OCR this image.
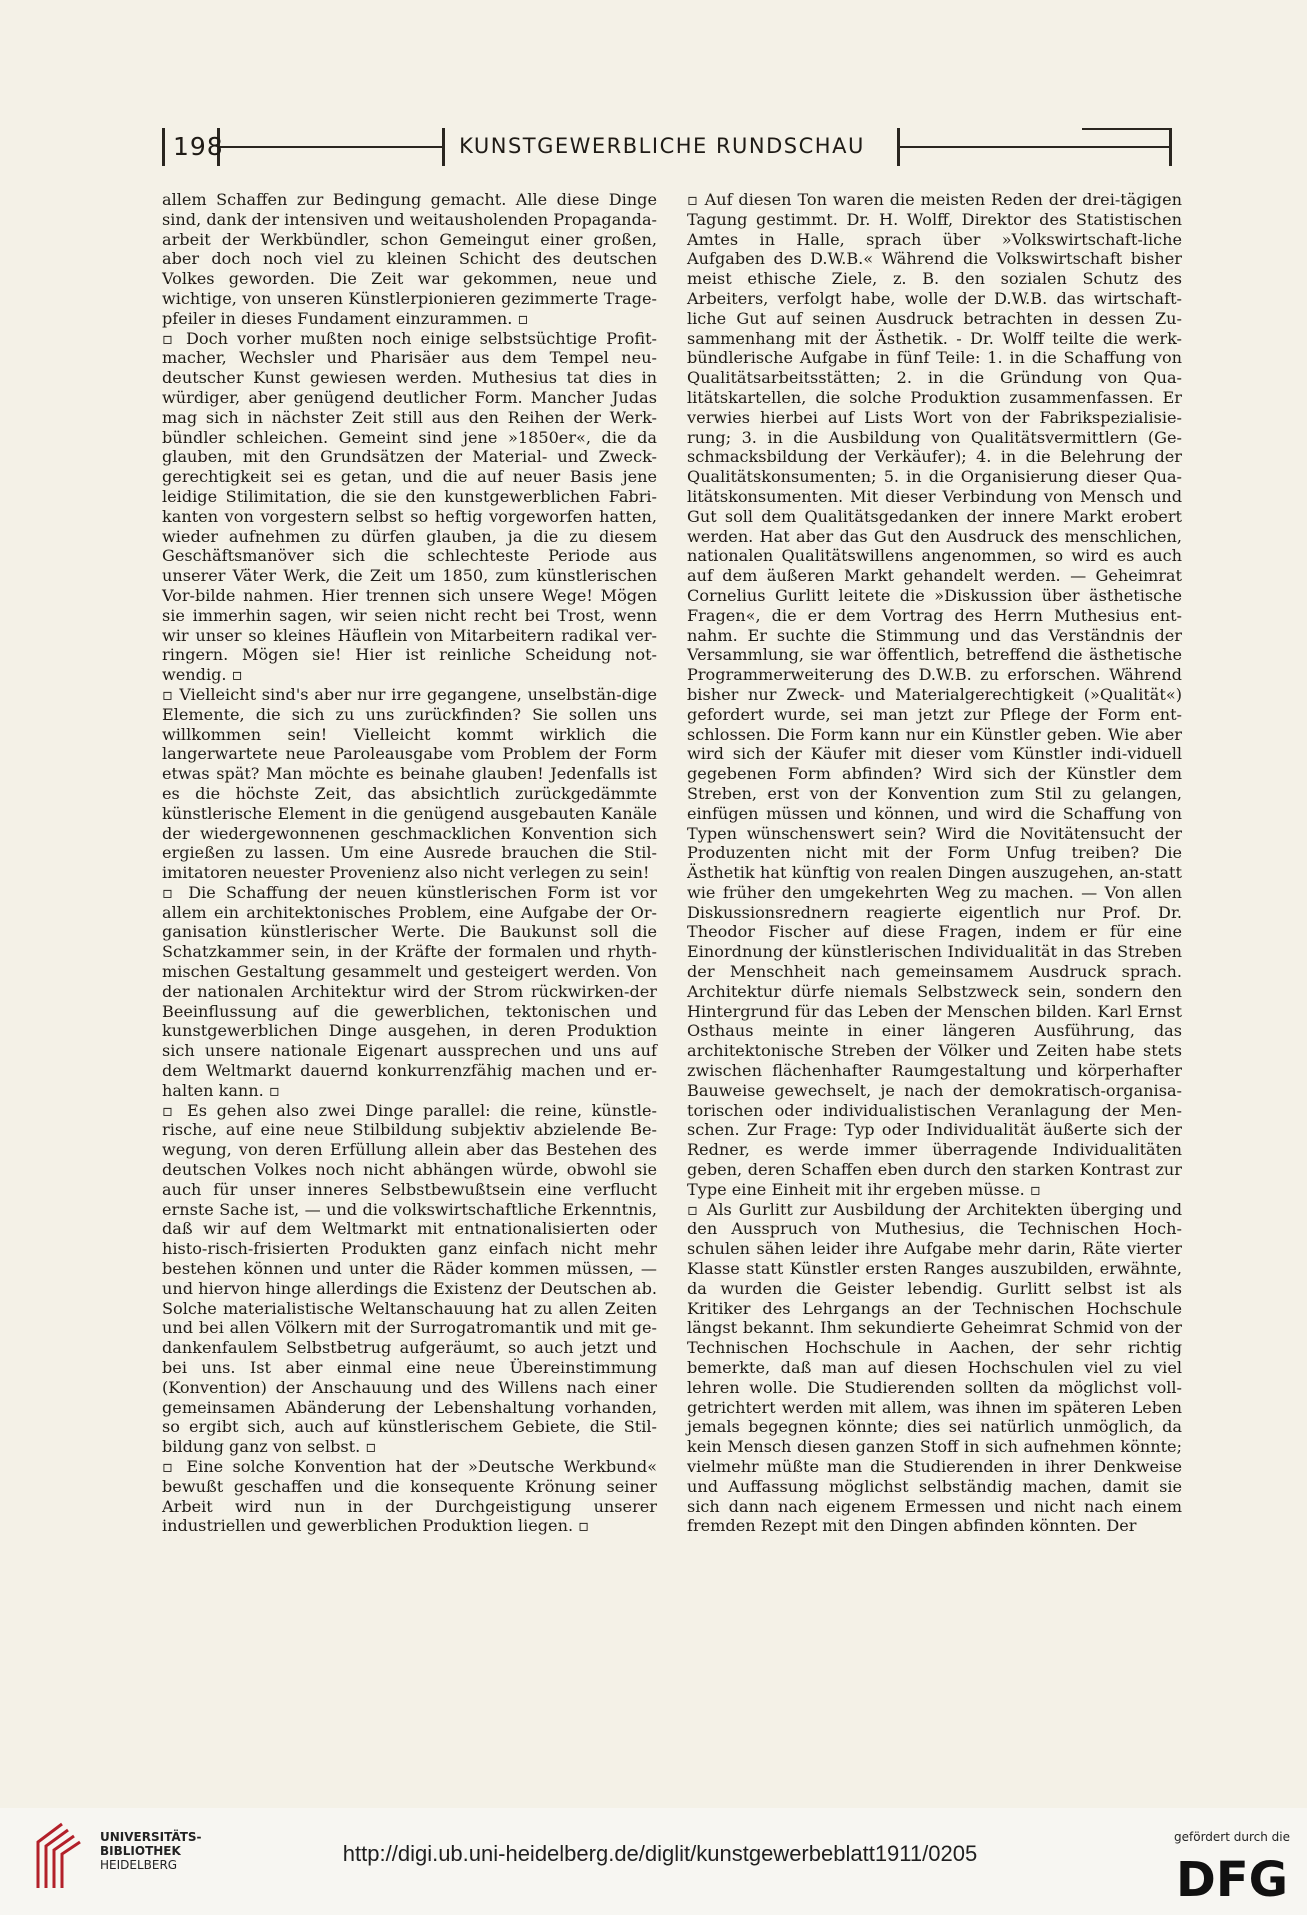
198	KUNSTGEWERBLICHE RUNDSCHAU

allem Schaffen zur Bedingung gemacht. Alle diese Dinge sind, dank der intensiven und weitausholenden Propaganda-arbeit der Werkbündler, schon Gemeingut einer großen, aber doch noch viel zu kleinen Schicht des deutschen Volkes geworden. Die Zeit war gekommen, neue und wichtige, von unseren Künstlerpionieren gezimmerte Trage-pfeiler in dieses Fundament einzurammen. ▫

▫ Doch vorher mußten noch einige selbstsüchtige Profit-macher, Wechsler und Pharisäer aus dem Tempel neu-deutscher Kunst gewiesen werden. Muthesius tat dies in würdiger, aber genügend deutlicher Form. Mancher Judas mag sich in nächster Zeit still aus den Reihen der Werk-bündler schleichen. Gemeint sind jene »1850er«, die da glauben, mit den Grundsätzen der Material- und Zweck-gerechtigkeit sei es getan, und die auf neuer Basis jene leidige Stilimitation, die sie den kunstgewerblichen Fabri-kanten von vorgestern selbst so heftig vorgeworfen hatten, wieder aufnehmen zu dürfen glauben, ja die zu diesem Geschäftsmanöver sich die schlechteste Periode aus unserer Väter Werk, die Zeit um 1850, zum künstlerischen Vor-bilde nahmen. Hier trennen sich unsere Wege! Mögen sie immerhin sagen, wir seien nicht recht bei Trost, wenn wir unser so kleines Häuflein von Mitarbeitern radikal ver-ringern. Mögen sie! Hier ist reinliche Scheidung not-wendig. ▫

▫ Vielleicht sind's aber nur irre gegangene, unselbstän-dige Elemente, die sich zu uns zurückfinden? Sie sollen uns willkommen sein! Vielleicht kommt wirklich die langerwartete neue Paroleausgabe vom Problem der Form etwas spät? Man möchte es beinahe glauben! Jedenfalls ist es die höchste Zeit, das absichtlich zurückgedämmte künstlerische Element in die genügend ausgebauten Kanäle der wiedergewonnenen geschmacklichen Konvention sich ergießen zu lassen. Um eine Ausrede brauchen die Stil-imitatoren neuester Provenienz also nicht verlegen zu sein!

▫ Die Schaffung der neuen künstlerischen Form ist vor allem ein architektonisches Problem, eine Aufgabe der Or-ganisation künstlerischer Werte. Die Baukunst soll die Schatzkammer sein, in der Kräfte der formalen und rhyth-mischen Gestaltung gesammelt und gesteigert werden. Von der nationalen Architektur wird der Strom rückwirken-der Beeinflussung auf die gewerblichen, tektonischen und kunstgewerblichen Dinge ausgehen, in deren Produktion sich unsere nationale Eigenart aussprechen und uns auf dem Weltmarkt dauernd konkurrenzfähig machen und er-halten kann. ▫

▫ Es gehen also zwei Dinge parallel: die reine, künstle-rische, auf eine neue Stilbildung subjektiv abzielende Be-wegung, von deren Erfüllung allein aber das Bestehen des deutschen Volkes noch nicht abhängen würde, obwohl sie auch für unser inneres Selbstbewußtsein eine verflucht ernste Sache ist, — und die volkswirtschaftliche Erkenntnis, daß wir auf dem Weltmarkt mit entnationalisierten oder histo-risch-frisierten Produkten ganz einfach nicht mehr bestehen können und unter die Räder kommen müssen, — und hiervon hinge allerdings die Existenz der Deutschen ab. Solche materialistische Weltanschauung hat zu allen Zeiten und bei allen Völkern mit der Surrogatromantik und mit ge-dankenfaulem Selbstbetrug aufgeräumt, so auch jetzt und bei uns. Ist aber einmal eine neue Übereinstimmung (Konvention) der Anschauung und des Willens nach einer gemeinsamen Abänderung der Lebenshaltung vorhanden, so ergibt sich, auch auf künstlerischem Gebiete, die Stil-bildung ganz von selbst. ▫

▫ Eine solche Konvention hat der »Deutsche Werkbund« bewußt geschaffen und die konsequente Krönung seiner Arbeit wird nun in der Durchgeistigung unserer industriellen und gewerblichen Produktion liegen. ▫

▫ Auf diesen Ton waren die meisten Reden der drei-tägigen Tagung gestimmt. Dr. H. Wolff, Direktor des Statistischen Amtes in Halle, sprach über »Volkswirtschaft-liche Aufgaben des D.W.B.« Während die Volkswirtschaft bisher meist ethische Ziele, z. B. den sozialen Schutz des Arbeiters, verfolgt habe, wolle der D.W.B. das wirtschaft-liche Gut auf seinen Ausdruck betrachten in dessen Zu-sammenhang mit der Ästhetik. - Dr. Wolff teilte die werk-bündlerische Aufgabe in fünf Teile: 1. in die Schaffung von Qualitätsarbeitsstätten; 2. in die Gründung von Qua-litätskartellen, die solche Produktion zusammenfassen. Er verwies hierbei auf Lists Wort von der Fabrikspezialisie-rung; 3. in die Ausbildung von Qualitätsvermittlern (Ge-schmacksbildung der Verkäufer); 4. in die Belehrung der Qualitätskonsumenten; 5. in die Organisierung dieser Qua-litätskonsumenten. Mit dieser Verbindung von Mensch und Gut soll dem Qualitätsgedanken der innere Markt erobert werden. Hat aber das Gut den Ausdruck des menschlichen, nationalen Qualitätswillens angenommen, so wird es auch auf dem äußeren Markt gehandelt werden. — Geheimrat Cornelius Gurlitt leitete die »Diskussion über ästhetische Fragen«, die er dem Vortrag des Herrn Muthesius ent-nahm. Er suchte die Stimmung und das Verständnis der Versammlung, sie war öffentlich, betreffend die ästhetische Programmerweiterung des D.W.B. zu erforschen. Während bisher nur Zweck- und Materialgerechtigkeit (»Qualität«) gefordert wurde, sei man jetzt zur Pflege der Form ent-schlossen. Die Form kann nur ein Künstler geben. Wie aber wird sich der Käufer mit dieser vom Künstler indi-viduell gegebenen Form abfinden? Wird sich der Künstler dem Streben, erst von der Konvention zum Stil zu gelangen, einfügen müssen und können, und wird die Schaffung von Typen wünschenswert sein? Wird die Novitätensucht der Produzenten nicht mit der Form Unfug treiben? Die Ästhetik hat künftig von realen Dingen auszugehen, an-statt wie früher den umgekehrten Weg zu machen. — Von allen Diskussionsrednern reagierte eigentlich nur Prof. Dr. Theodor Fischer auf diese Fragen, indem er für eine Einordnung der künstlerischen Individualität in das Streben der Menschheit nach gemeinsamem Ausdruck sprach. Architektur dürfe niemals Selbstzweck sein, sondern den Hintergrund für das Leben der Menschen bilden. Karl Ernst Osthaus meinte in einer längeren Ausführung, das architektonische Streben der Völker und Zeiten habe stets zwischen flächenhafter Raumgestaltung und körperhafter Bauweise gewechselt, je nach der demokratisch-organisa-torischen oder individualistischen Veranlagung der Men-schen. Zur Frage: Typ oder Individualität äußerte sich der Redner, es werde immer überragende Individualitäten geben, deren Schaffen eben durch den starken Kontrast zur Type eine Einheit mit ihr ergeben müsse. ▫

▫ Als Gurlitt zur Ausbildung der Architekten überging und den Ausspruch von Muthesius, die Technischen Hoch-schulen sähen leider ihre Aufgabe mehr darin, Räte vierter Klasse statt Künstler ersten Ranges auszubilden, erwähnte, da wurden die Geister lebendig. Gurlitt selbst ist als Kritiker des Lehrgangs an der Technischen Hochschule längst bekannt. Ihm sekundierte Geheimrat Schmid von der Technischen Hochschule in Aachen, der sehr richtig bemerkte, daß man auf diesen Hochschulen viel zu viel lehren wolle. Die Studierenden sollten da möglichst voll-getrichtert werden mit allem, was ihnen im späteren Leben jemals begegnen könnte; dies sei natürlich unmöglich, da kein Mensch diesen ganzen Stoff in sich aufnehmen könnte; vielmehr müßte man die Studierenden in ihrer Denkweise und Auffassung möglichst selbständig machen, damit sie sich dann nach eigenem Ermessen und nicht nach einem fremden Rezept mit den Dingen abfinden könnten. Der

UNIVERSITÄTS-
BIBLIOTHEK
HEIDELBERG	http://digi.ub.uni-heidelberg.de/diglit/kunstgewerbeblatt1911/0205
gefördert durch die
DFG
